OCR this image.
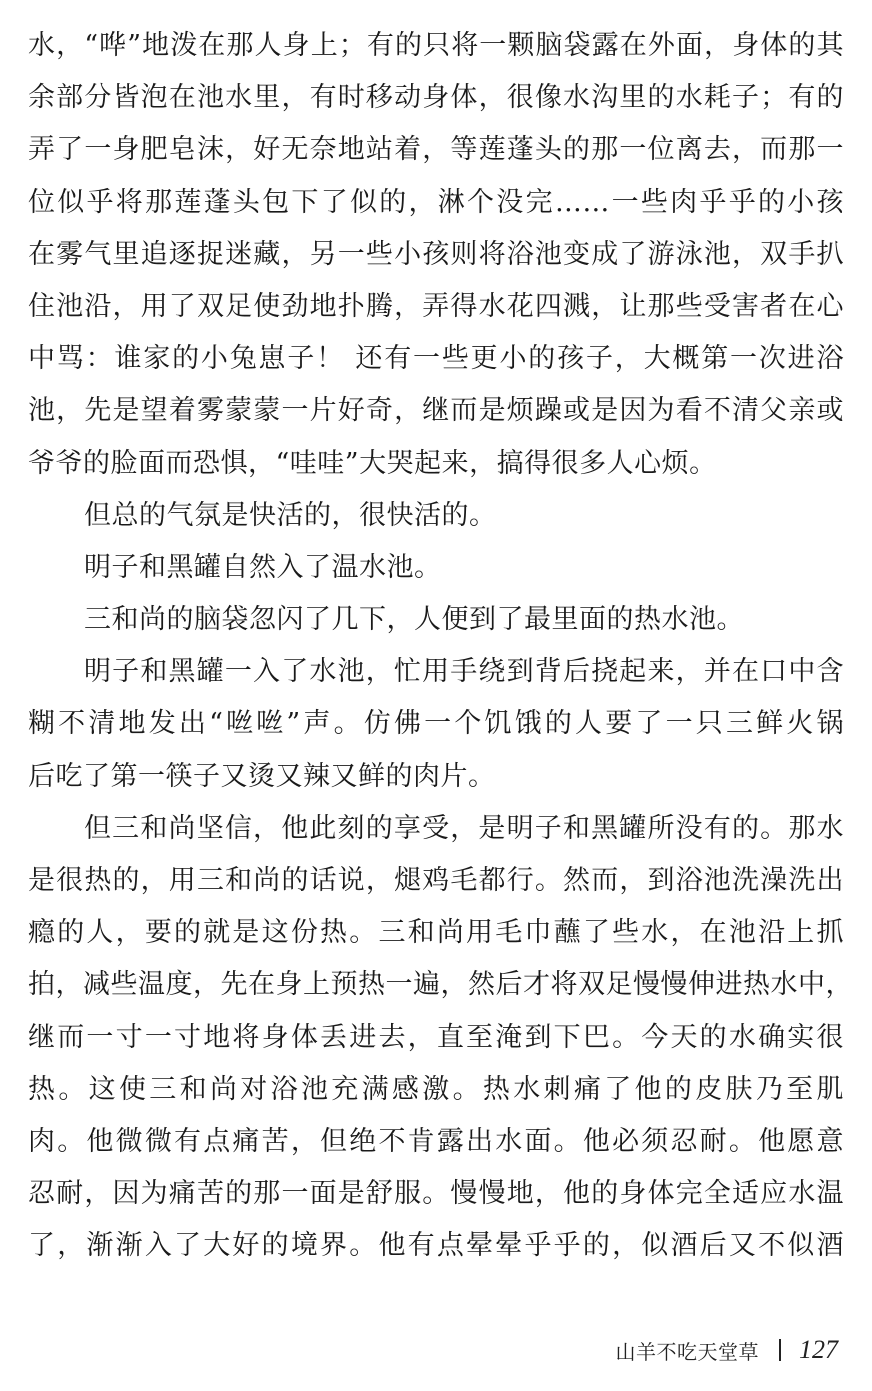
水，“哗”地泼在那人身上；有的只将一颗脑袋露在外面，身体的其
余部分皆泡在池水里，有时移动身体，很像水沟里的水耗子；有的
弄了一身肥皂沫，好无奈地站着，等莲蓬头的那一位离去，而那一
位似乎将那莲蓬头包下了似的，淋个没完……一些肉乎乎的小孩
在雾气里追逐捉迷藏，另一些小孩则将浴池变成了游泳池，双手扒
住池沿，用了双足使劲地扑腾，弄得水花四溅，让那些受害者在心
中骂：谁家的小兔崽子！ 还有一些更小的孩子，大概第一次进浴
池，先是望着雾蒙蒙一片好奇，继而是烦躁或是因为看不清父亲或
爷爷的脸面而恐惧，“哇哇”大哭起来，搞得很多人心烦。
但总的气氛是快活的，很快活的。
明子和黑罐自然入了温水池。
三和尚的脑袋忽闪了几下，人便到了最里面的热水池。
明子和黑罐一入了水池，忙用手绕到背后挠起来，并在口中含
糊不清地发出“咝咝”声。仿佛一个饥饿的人要了一只三鲜火锅
后吃了第一筷子又烫又辣又鲜的肉片。
但三和尚坚信，他此刻的享受，是明子和黑罐所没有的。那水
是很热的，用三和尚的话说，煺鸡毛都行。然而，到浴池洗澡洗出
瘾的人，要的就是这份热。三和尚用毛巾蘸了些水，在池沿上抓
拍，减些温度，先在身上预热一遍，然后才将双足慢慢伸进热水中，
继而一寸一寸地将身体丢进去，直至淹到下巴。今天的水确实很
热。这使三和尚对浴池充满感激。热水刺痛了他的皮肤乃至肌
肉。他微微有点痛苦，但绝不肯露出水面。他必须忍耐。他愿意
忍耐，因为痛苦的那一面是舒服。慢慢地，他的身体完全适应水温
了，渐渐入了大好的境界。他有点晕晕乎乎的，似酒后又不似酒
山羊不吃天堂草 127
